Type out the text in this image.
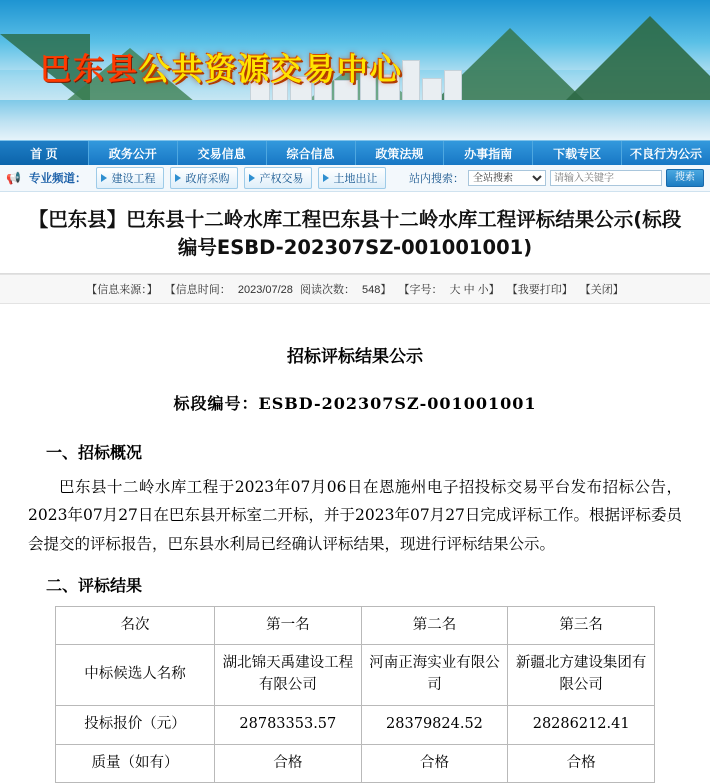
巴东县公共资源交易中心
首 页	政务公开	交易信息	综合信息	政策法规	办事指南	下载专区	不良行为公示
📢 专业频道：	建设工程	政府采购	产权交易	土地出让	站内搜索：
全站搜索
请输入关键字	搜索
【巴东县】巴东县十二岭水库工程巴东县十二岭水库工程评标结果公示(标段编号ESBD-202307SZ-001001001)
【信息来源：】 【信息时间： 2023/07/28 阅读次数： 548】 【字号： 大 中 小】 【我要打印】 【关闭】
招标评标结果公示
标段编号：ESBD-202307SZ-001001001
一、招标概况
巴东县十二岭水库工程于2023年07月06日在恩施州电子招投标交易平台发布招标公告，2023年07月27日在巴东县开标室二开标，并于2023年07月27日完成评标工作。根据评标委员会提交的评标报告，巴东县水利局已经确认评标结果，现进行评标结果公示。
二、评标结果
名次	第一名	第二名	第三名
中标候选人名称	湖北锦天禹建设工程有限公司	河南正海实业有限公司	新疆北方建设集团有限公司
投标报价（元）	28783353.57	28379824.52	28286212.41
质量（如有）	合格	合格	合格
